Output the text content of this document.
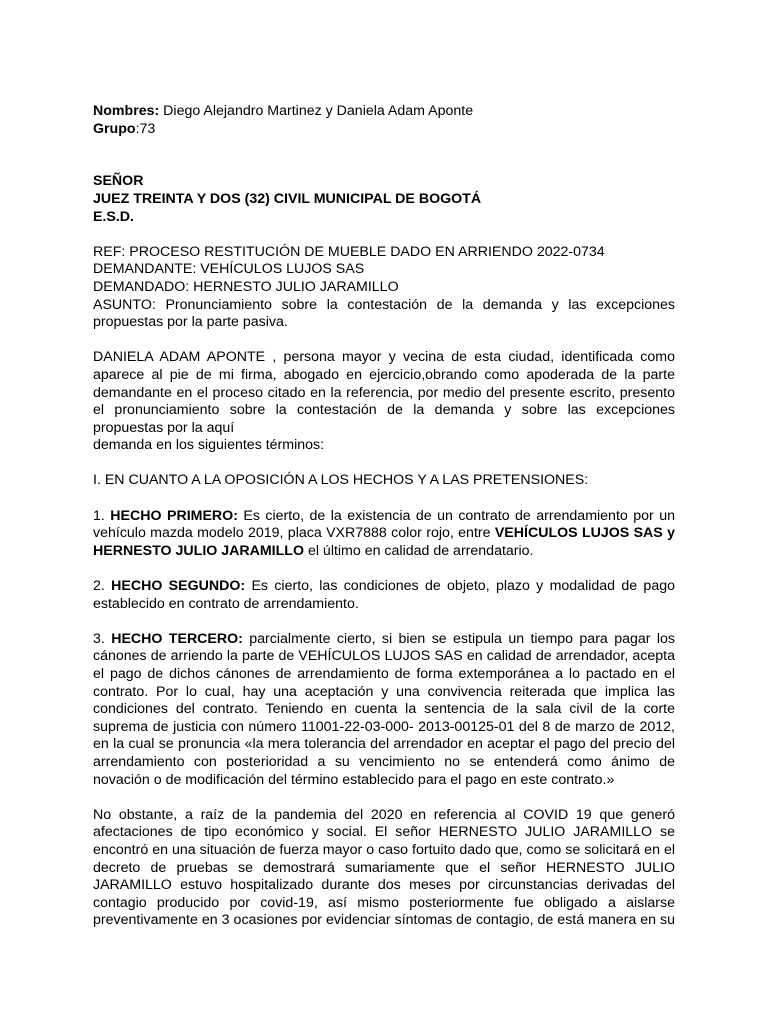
Nombres: Diego Alejandro Martinez y Daniela Adam Aponte
Grupo:73
SEÑOR
JUEZ TREINTA Y DOS (32) CIVIL MUNICIPAL DE BOGOTÁ
E.S.D.
REF: PROCESO RESTITUCIÓN DE MUEBLE DADO EN ARRIENDO 2022-0734
DEMANDANTE: VEHÍCULOS LUJOS SAS
DEMANDADO: HERNESTO JULIO JARAMILLO

ASUNTO: Pronunciamiento sobre la contestación de la demanda y las excepciones propuestas por la parte pasiva.

DANIELA ADAM APONTE , persona mayor y vecina de esta ciudad, identificada como aparece al pie de mi firma, abogado en ejercicio,obrando como apoderada de la parte demandante en el proceso citado en la referencia, por medio del presente escrito, presento el pronunciamiento sobre la contestación de la demanda y sobre las excepciones propuestas por la aquí

demanda en los siguientes términos:
I. EN CUANTO A LA OPOSICIÓN A LOS HECHOS Y A LAS PRETENSIONES:

1. HECHO PRIMERO: Es cierto, de la existencia de un contrato de arrendamiento por un vehículo mazda modelo 2019, placa VXR7888 color rojo, entre VEHÍCULOS LUJOS SAS y HERNESTO JULIO JARAMILLO el último en calidad de arrendatario.

2. HECHO SEGUNDO: Es cierto, las condiciones de objeto, plazo y modalidad de pago establecido en contrato de arrendamiento.

3. HECHO TERCERO: parcialmente cierto, si bien se estipula un tiempo para pagar los cánones de arriendo la parte de VEHÍCULOS LUJOS SAS en calidad de arrendador, acepta el pago de dichos cánones de arrendamiento de forma extemporánea a lo pactado en el contrato. Por lo cual, hay una aceptación y una convivencia reiterada que implica las condiciones del contrato. Teniendo en cuenta la sentencia de la sala civil de la corte suprema de justicia con número 11001-22-03-000- 2013-00125-01 del 8 de marzo de 2012, en la cual se pronuncia «la mera tolerancia del arrendador en aceptar el pago del precio del arrendamiento con posterioridad a su vencimiento no se entenderá como ánimo de novación o de modificación del término establecido para el pago en este contrato.»

No obstante, a raíz de la pandemia del 2020 en referencia al COVID 19 que generó afectaciones de tipo económico y social. El señor HERNESTO JULIO JARAMILLO se encontró en una situación de fuerza mayor o caso fortuito dado que, como se solicitará en el decreto de pruebas se demostrará sumariamente que el señor HERNESTO JULIO JARAMILLO estuvo hospitalizado durante dos meses por circunstancias derivadas del contagio producido por covid-19, así mismo posteriormente fue obligado a aislarse preventivamente en 3 ocasiones por evidenciar síntomas de contagio, de está manera en su
